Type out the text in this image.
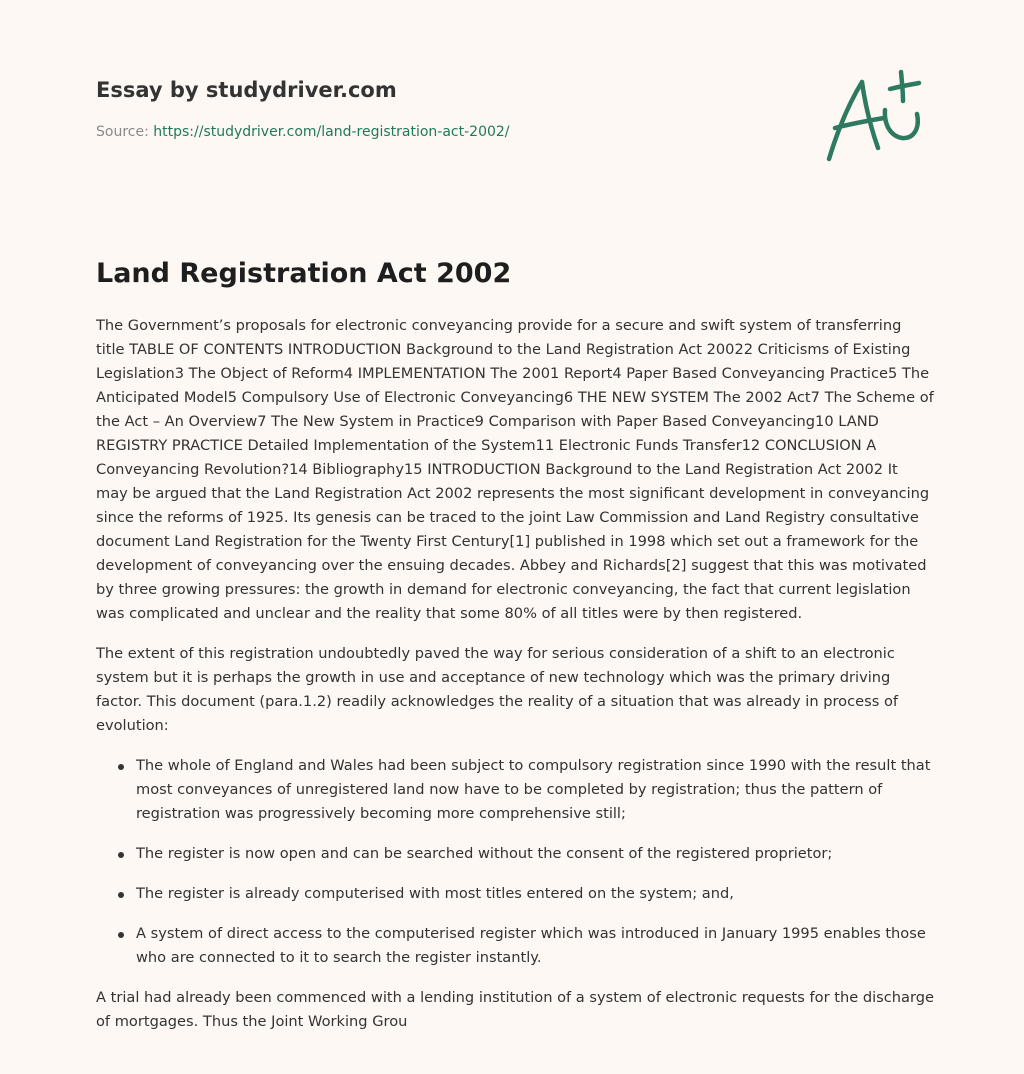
Essay by studydriver.com
Source: https://studydriver.com/land-registration-act-2002/
Land Registration Act 2002

The Government’s proposals for electronic conveyancing provide for a secure and swift system of transferring title TABLE OF CONTENTS INTRODUCTION Background to the Land Registration Act 20022 Criticisms of Existing Legislation3 The Object of Reform4 IMPLEMENTATION The 2001 Report4 Paper Based Conveyancing Practice5 The Anticipated Model5 Compulsory Use of Electronic Conveyancing6 THE NEW SYSTEM The 2002 Act7 The Scheme of the Act – An Overview7 The New System in Practice9 Comparison with Paper Based Conveyancing10 LAND REGISTRY PRACTICE Detailed Implementation of the System11 Electronic Funds Transfer12 CONCLUSION A Conveyancing Revolution?14 Bibliography15 INTRODUCTION Background to the Land Registration Act 2002 It may be argued that the Land Registration Act 2002 represents the most significant development in conveyancing since the reforms of 1925. Its genesis can be traced to the joint Law Commission and Land Registry consultative document Land Registration for the Twenty First Century[1] published in 1998 which set out a framework for the development of conveyancing over the ensuing decades. Abbey and Richards[2] suggest that this was motivated by three growing pressures: the growth in demand for electronic conveyancing, the fact that current legislation was complicated and unclear and the reality that some 80% of all titles were by then registered.

The extent of this registration undoubtedly paved the way for serious consideration of a shift to an electronic system but it is perhaps the growth in use and acceptance of new technology which was the primary driving factor. This document (para.1.2) readily acknowledges the reality of a situation that was already in process of evolution:

The whole of England and Wales had been subject to compulsory registration since 1990 with the result that most conveyances of unregistered land now have to be completed by registration; thus the pattern of registration was progressively becoming more comprehensive still;
The register is now open and can be searched without the consent of the registered proprietor;
The register is already computerised with most titles entered on the system; and,
A system of direct access to the computerised register which was introduced in January 1995 enables those who are connected to it to search the register instantly.

A trial had already been commenced with a lending institution of a system of electronic requests for the discharge of mortgages. Thus the Joint Working Grou
